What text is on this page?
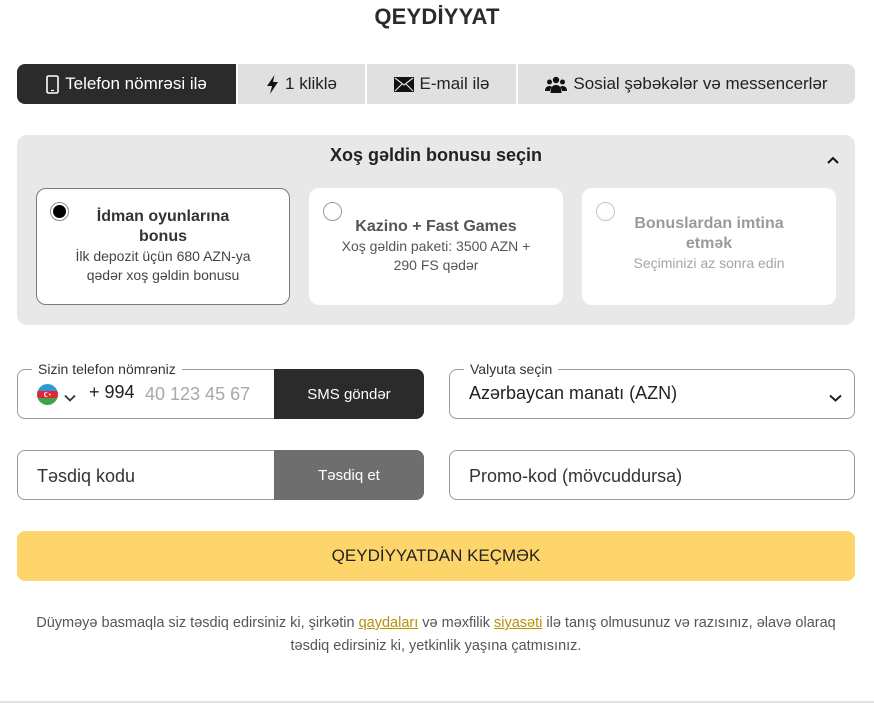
QEYDİYYAT
Telefon nömrəsi ilə	1 kliklə	E-mail ilə	Sosial şəbəkələr və messencerlər
Xoş gəldin bonusu seçin
İdman oyunlarına bonus
İlk depozit üçün 680 AZN-ya qədər xoş gəldin bonusu
Kazino + Fast Games
Xoş gəldin paketi: 3500 AZN + 290 FS qədər
Bonuslardan imtina etmək
Seçiminizi az sonra edin
Sizin telefon nömrəniz
+ 994
40 123 45 67	SMS göndər
Valyuta seçin
Azərbaycan manatı (AZN)
Təsdiq kodu
Təsdiq et
Promo-kod (mövcuddursa)
QEYDİYYATDAN KEÇMƏK
Düyməyə basmaqla siz təsdiq edirsiniz ki, şirkətin qaydaları və məxfilik siyasəti ilə tanış olmusunuz və razısınız, əlavə olaraq təsdiq edirsiniz ki, yetkinlik yaşına çatmısınız.
